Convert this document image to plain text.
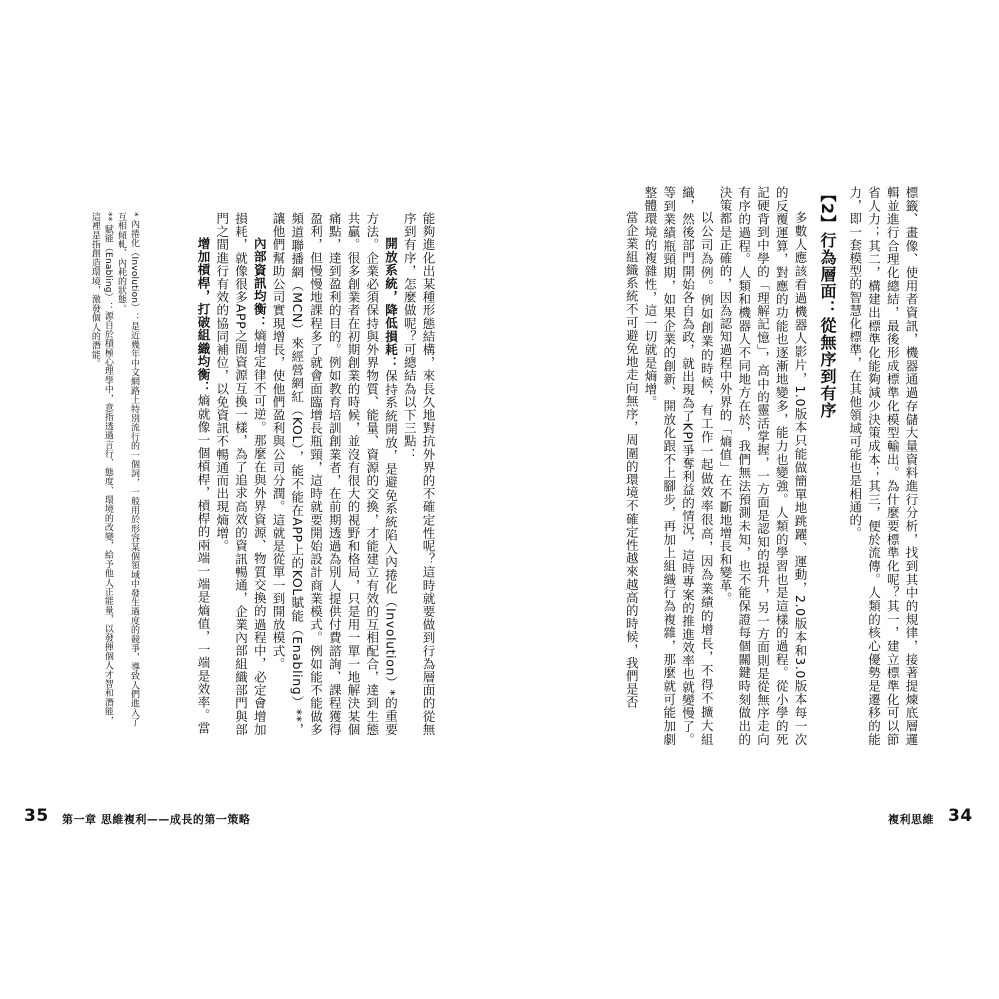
標籤、畫像、使用者資訊，機器通過存儲大量資料進行分析，找到其中的規律，接著提煉底層邏輯並進行合理化總結，最後形成標準化模型輸出。為什麼要標準化呢？其一，建立標準化可以節省人力；其二，構建出標準化能夠減少決策成本；其三，便於流傳。人類的核心優勢是遷移的能力，即一套模型的智慧化標準，在其他領域可能也是相通的。

【2】行為層面：從無序到有序

多數人應該看過機器人影片，1.0版本只能做簡單地跳躍、運動，2.0版本和3.0版本每一次的反覆運算，對應的功能也逐漸地變多，能力也變強。人類的學習也是這樣的過程。從小學的死記硬背到中學的「理解記憶」，高中的靈活掌握，一方面是認知的提升，另一方面則是從無序走向有序的過程。人類和機器人不同地方在於，我們無法預測未知，也不能保證每個關鍵時刻做出的決策都是正確的，因為認知過程中外界的「熵值」在不斷地增長和變革。

以公司為例。例如創業的時候，有工作一起做效率很高，因為業績的增長，不得不擴大組織，然後部門開始各自為政，就出現為了KPI爭奪利益的情況，這時專案的推進效率也就變慢了。等到業績瓶頸期，如果企業的創新、開放化跟不上腳步，再加上組織行為複雜，那麼就可能加劇整體環境的複雜性，這一切就是熵增。

當企業組織系統不可避免地走向無序，周圍的環境不確定性越來越高的時候，我們是否

能夠進化出某種形態結構，來長久地對抗外界的不確定性呢？這時就要做到行為層面的從無序到有序，怎麼做呢？可總結為以下三點：

開放系統，降低損耗：保持系統開放，是避免系統陷入內捲化（Involution）*的重要方法。企業必須保持與外界物質、能量、資源的交換，才能建立有效的互相配合，達到生態共贏。很多創業者在初期創業的時候，並沒有很大的視野和格局，只是用一單一地解決某個痛點，達到盈利的目的。例如教育培訓創業者，在前期透過為別人提供付費諮詢、課程獲得盈利，但慢慢地課程多了就會面臨增長瓶頸，這時就要開始設計商業模式。例如能不能做多頻道聯播網（MCN）來經營網紅（KOL），能不能在APP上的KOL賦能（Enabling）**，讓他們幫助公司實現增長，使他們盈利與公司分潤。這就是從單一到開放模式。

內部資訊均衡：熵增定律不可逆。那麼在與外界資源、物質交換的過程中，必定會增加損耗，就像很多APP之間資源互換一樣，為了追求高效的資訊暢通，企業內部組織部門與部門之間進行有效的協同補位，以免資訊不暢通而出現熵增。

增加槓桿，打破組織均衡：熵就像一個槓桿，槓桿的兩端一端是熵值，一端是效率。當

* 內捲化（Involution）：是近幾年中文網路上特別流行的一個詞，一般用於形容某個領域中發生過度的競爭，導致人們進入了互相傾軋、內耗的狀態。

** 賦能（Enabling）：源自於積極心理學中，意指透過言行、態度、環境的改變，給予他人正能量，以發揮個人才智和潛能，這裡是指創造環境，激發個人的潛能。

35 第一章 思維複利——成長的第一策略	複利思維 34
